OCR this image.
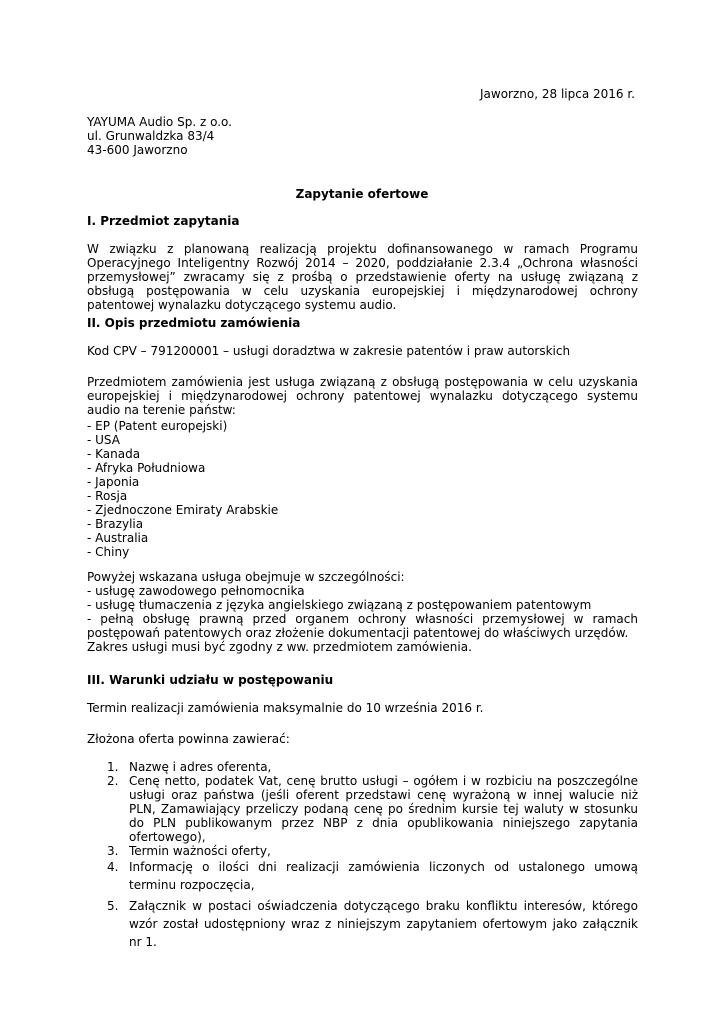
Jaworzno, 28 lipca 2016 r.
YAYUMA Audio Sp. z o.o.
ul. Grunwaldzka 83/4
43-600 Jaworzno
Zapytanie ofertowe
I. Przedmiot zapytania

W związku z planowaną realizacją projektu dofinansowanego w ramach Programu Operacyjnego Inteligentny Rozwój 2014 – 2020, poddziałanie 2.3.4 „Ochrona własności przemysłowej” zwracamy się z prośbą o przedstawienie oferty na usługę związaną z obsługą postępowania w celu uzyskania europejskiej i międzynarodowej ochrony patentowej wynalazku dotyczącego systemu audio.

II. Opis przedmiotu zamówienia
Kod CPV – 791200001 – usługi doradztwa w zakresie patentów i praw autorskich

Przedmiotem zamówienia jest usługa związaną z obsługą postępowania w celu uzyskania europejskiej i międzynarodowej ochrony patentowej wynalazku dotyczącego systemu audio na terenie państw:

- EP (Patent europejski)
- USA
- Kanada
- Afryka Południowa
- Japonia
- Rosja
- Zjednoczone Emiraty Arabskie
- Brazylia
- Australia
- Chiny
Powyżej wskazana usługa obejmuje w szczególności:
- usługę zawodowego pełnomocnika
- usługę tłumaczenia z języka angielskiego związaną z postępowaniem patentowym
- pełną obsługę prawną przed organem ochrony własności przemysłowej w ramach postępowań patentowych oraz złożenie dokumentacji patentowej do właściwych urzędów.
Zakres usługi musi być zgodny z ww. przedmiotem zamówienia.
III. Warunki udziału w postępowaniu
Termin realizacji zamówienia maksymalnie do 10 września 2016 r.
Złożona oferta powinna zawierać:
1. Nazwę i adres oferenta,
2. Cenę netto, podatek Vat, cenę brutto usługi – ogółem i w rozbiciu na poszczególne usługi oraz państwa (jeśli oferent przedstawi cenę wyrażoną w innej walucie niż PLN, Zamawiający przeliczy podaną cenę po średnim kursie tej waluty w stosunku do PLN publikowanym przez NBP z dnia opublikowania niniejszego zapytania ofertowego),
3. Termin ważności oferty,
4. Informację o ilości dni realizacji zamówienia liczonych od ustalonego umową terminu rozpoczęcia,
5. Załącznik w postaci oświadczenia dotyczącego braku konfliktu interesów, którego wzór został udostępniony wraz z niniejszym zapytaniem ofertowym jako załącznik nr 1.
